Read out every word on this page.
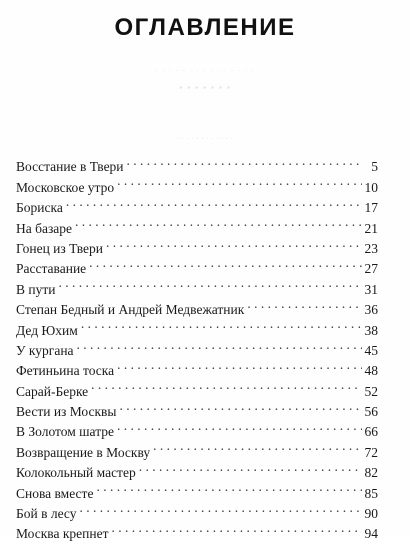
· · · · · · · · · · · · · · ·
· · · · · · ·
· · · · · · · · · · · ·
ОГЛАВЛЕНИЕ
Восстание в Твери . . .	5
Московское утро . . .	10
Бориска . . .	17
На базаре . . .	21
Гонец из Твери . . .	23
Расставание . . .	27
В пути . . .	31
Степан Бедный и Андрей Медвежатник . . .	36
Дед Юхим . . .	38
У кургана . . .	45
Фетиньина тоска . . .	48
Сарай-Берке . . .	52
Вести из Москвы . . .	56
В Золотом шатре . . .	66
Возвращение в Москву . . .	72
Колокольный мастер . . .	82
Снова вместе . . .	85
Бой в лесу . . .	90
Москва крепнет . . .	94
